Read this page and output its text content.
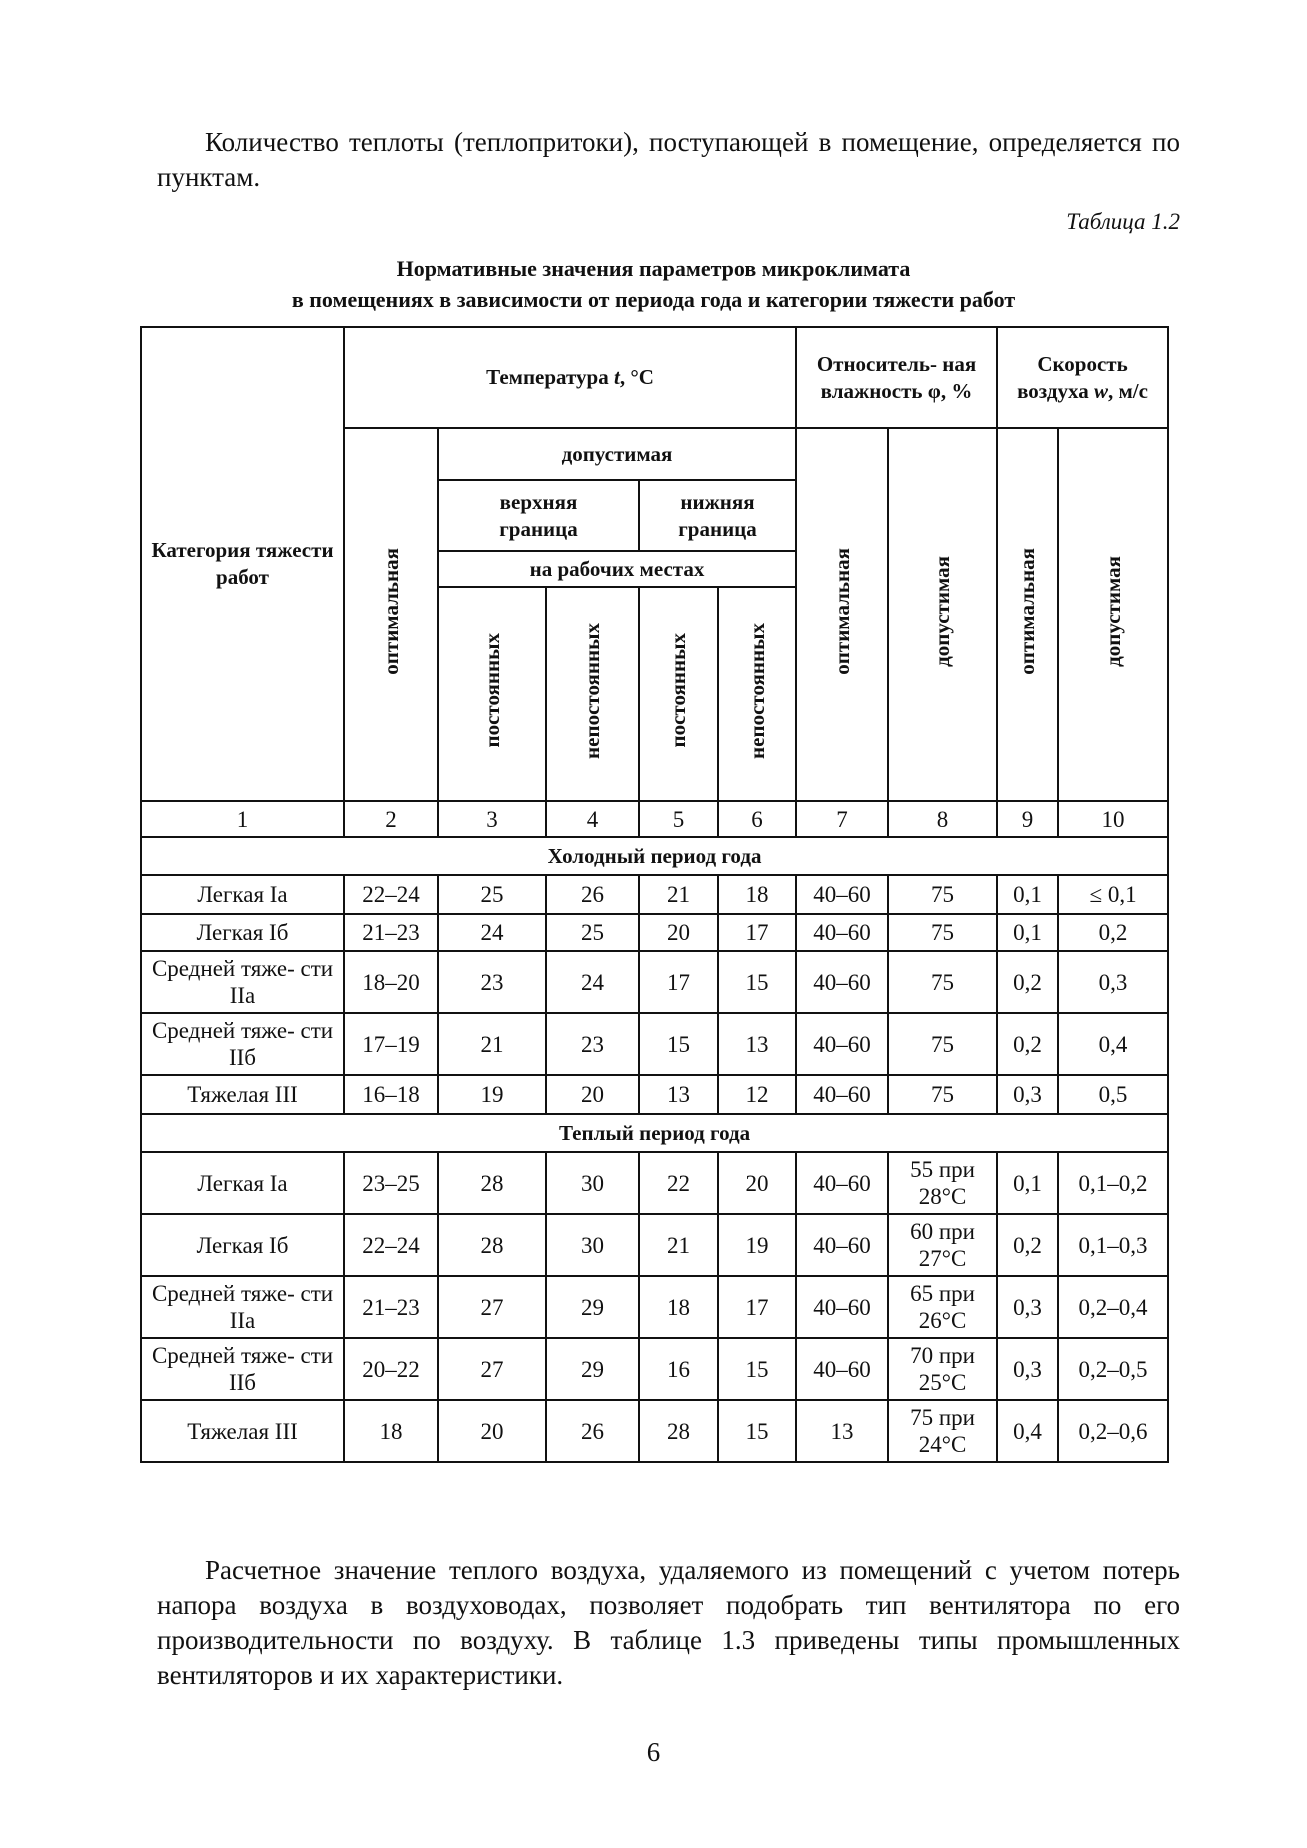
Количество теплоты (теплопритоки), поступающей в помещение, определяется по пунктам.

Таблица 1.2
Нормативные значения параметров микроклимата
в помещениях в зависимости от периода года и категории тяжести работ
Категория тяжести работ	Температура t, °C					Относитель- ная влажность φ, %		Скорость воздуха w, м/с	
	оптимальная	допустимая				оптимальная	допустимая	оптимальная	допустимая
		верхняя граница		нижняя граница					
		на рабочих местах							
		постоянных	непостоянных	постоянных	непостоянных				
1	2	3	4	5	6	7	8	9	10
Холодный период года									
Легкая Iа	22–24	25	26	21	18	40–60	75	0,1	≤ 0,1
Легкая Iб	21–23	24	25	20	17	40–60	75	0,1	0,2
Средней тяже- сти IIа	18–20	23	24	17	15	40–60	75	0,2	0,3
Средней тяже- сти IIб	17–19	21	23	15	13	40–60	75	0,2	0,4
Тяжелая III	16–18	19	20	13	12	40–60	75	0,3	0,5
Теплый период года									
Легкая Iа	23–25	28	30	22	20	40–60	55 при 28°С	0,1	0,1–0,2
Легкая Iб	22–24	28	30	21	19	40–60	60 при 27°С	0,2	0,1–0,3
Средней тяже- сти IIа	21–23	27	29	18	17	40–60	65 при 26°С	0,3	0,2–0,4
Средней тяже- сти IIб	20–22	27	29	16	15	40–60	70 при 25°С	0,3	0,2–0,5
Тяжелая III	18	20	26	28	15	13	75 при 24°С	0,4	0,2–0,6

Расчетное значение теплого воздуха, удаляемого из помещений с учетом потерь напора воздуха в воздуховодах, позволяет подобрать тип вентилятора по его производительности по воздуху. В таблице 1.3 приведены типы промышленных вентиляторов и их характеристики.

6
